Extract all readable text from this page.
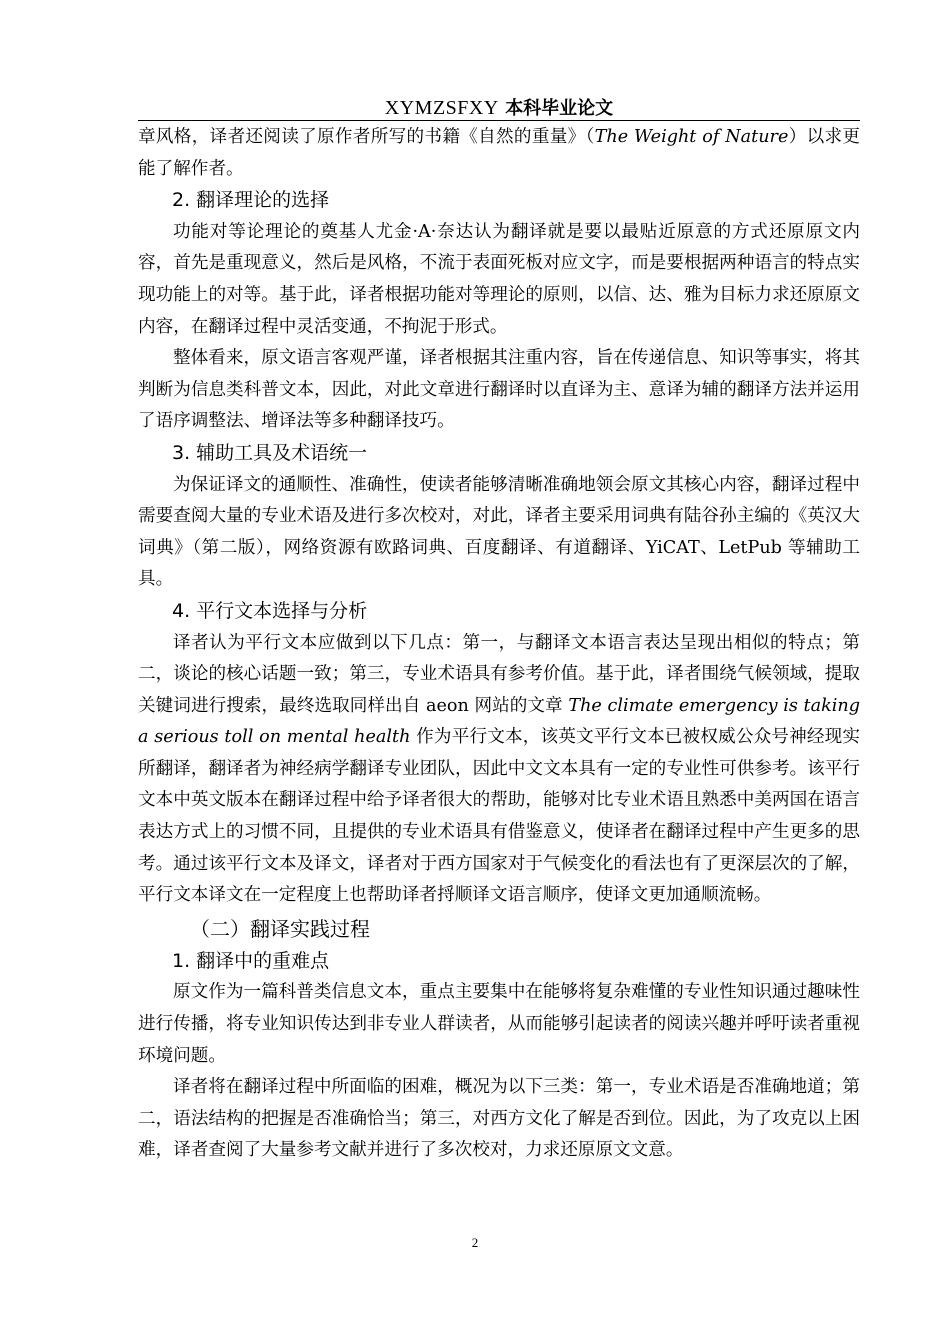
XYMZSFXY 本科毕业论文

章风格，译者还阅读了原作者所写的书籍《自然的重量》（The Weight of Nature）以求更能了解作者。

2. 翻译理论的选择

功能对等论理论的奠基人尤金·A·奈达认为翻译就是要以最贴近原意的方式还原原文内容，首先是重现意义，然后是风格，不流于表面死板对应文字，而是要根据两种语言的特点实现功能上的对等。基于此，译者根据功能对等理论的原则，以信、达、雅为目标力求还原原文内容，在翻译过程中灵活变通，不拘泥于形式。

整体看来，原文语言客观严谨，译者根据其注重内容，旨在传递信息、知识等事实，将其判断为信息类科普文本，因此，对此文章进行翻译时以直译为主、意译为辅的翻译方法并运用了语序调整法、增译法等多种翻译技巧。

3. 辅助工具及术语统一

为保证译文的通顺性、准确性，使读者能够清晰准确地领会原文其核心内容，翻译过程中需要查阅大量的专业术语及进行多次校对，对此，译者主要采用词典有陆谷孙主编的《英汉大词典》（第二版），网络资源有欧路词典、百度翻译、有道翻译、YiCAT、LetPub 等辅助工具。

4. 平行文本选择与分析

译者认为平行文本应做到以下几点：第一，与翻译文本语言表达呈现出相似的特点；第二，谈论的核心话题一致；第三，专业术语具有参考价值。基于此，译者围绕气候领域，提取关键词进行搜索，最终选取同样出自 aeon 网站的文章 The climate emergency is taking a serious toll on mental health 作为平行文本，该英文平行文本已被权威公众号神经现实所翻译，翻译者为神经病学翻译专业团队，因此中文文本具有一定的专业性可供参考。该平行文本中英文版本在翻译过程中给予译者很大的帮助，能够对比专业术语且熟悉中美两国在语言表达方式上的习惯不同，且提供的专业术语具有借鉴意义，使译者在翻译过程中产生更多的思考。通过该平行文本及译文，译者对于西方国家对于气候变化的看法也有了更深层次的了解，平行文本译文在一定程度上也帮助译者捋顺译文语言顺序，使译文更加通顺流畅。

（二）翻译实践过程
1. 翻译中的重难点

原文作为一篇科普类信息文本，重点主要集中在能够将复杂难懂的专业性知识通过趣味性进行传播，将专业知识传达到非专业人群读者，从而能够引起读者的阅读兴趣并呼吁读者重视环境问题。

译者将在翻译过程中所面临的困难，概况为以下三类：第一，专业术语是否准确地道；第二，语法结构的把握是否准确恰当；第三，对西方文化了解是否到位。因此，为了攻克以上困难，译者查阅了大量参考文献并进行了多次校对，力求还原原文文意。

2
